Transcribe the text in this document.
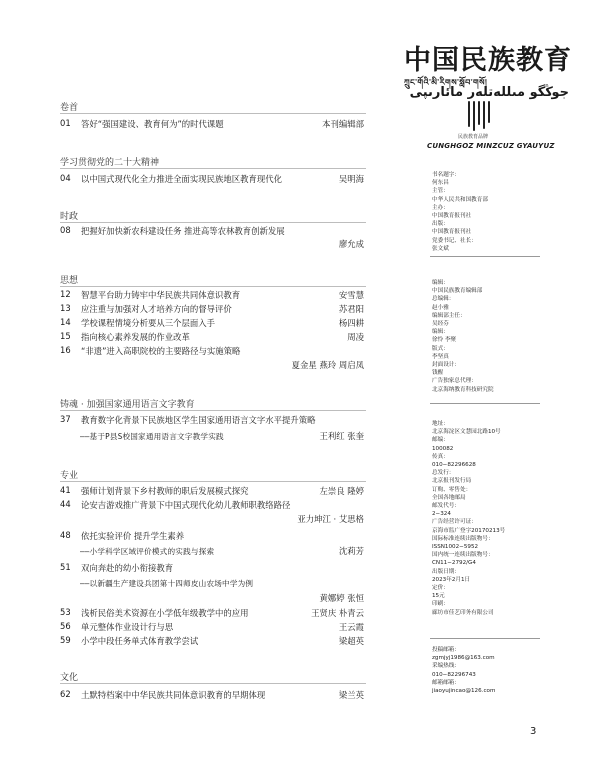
中国民族教育
ཀྲུང་གོའི་མི་རིགས་སློབ་གསོ།
جوڭگو مىللەتلەر مائارىپى
民族教育品牌
CUNGHGOZ MINZCUZ GYAUYUZ
卷首
01	答好“强国建设、教育何为”的时代课题	本刊编辑部
学习贯彻党的二十大精神
04	以中国式现代化全力推进全面实现民族地区教育现代化	吴明海
时政
08	把握好加快新农科建设任务 推进高等农林教育创新发展
廖允成
思想
12	智慧平台助力铸牢中华民族共同体意识教育	安雪慧
13	应注重与加强对人才培养方向的督导评价	苏君阳
14	学校课程情境分析要从三个层面入手	杨四耕
15	指向核心素养发展的作业改革	周凌
16	“非遗”进入高职院校的主要路径与实施策略
夏金星 燕玲 周启凤
铸魂 · 加强国家通用语言文字教育
37	教育数字化背景下民族地区学生国家通用语言文字水平提升策略
——基于P县S校国家通用语言文字教学实践	王利红 张奎
专业
41	强师计划背景下乡村教师的职后发展模式探究	左崇良 隆婷
44	论安吉游戏推广背景下中国式现代化幼儿教师职教络路径
亚力坤江 · 艾思格
48	依托实验评价 提升学生素养
——小学科学区域评价模式的实践与探索	沈莉芳
51	双向奔赴的幼小衔接教育
——以新疆生产建设兵团第十四师皮山农场中学为例
黄娜婷 张恒
53	浅析民俗美术资源在小学低年级教学中的应用	王贤庆 朴青云
56	单元整体作业设计行与思	王云霞
59	小学中段任务单式体育教学尝试	梁超英
文化
62	土默特档案中中华民族共同体意识教育的早期体现	梁兰英
书名题字：
何东昌
主管：
中华人民共和国教育部
主办：
中国教育报刊社
出版：
中国教育报刊社
党委书记、社长：
张文斌
编辑：
中国民族教育编辑部
总编辑：
赵小雅
编辑部主任：
吴经芬
编辑：
徐怜 李聚
版式：
李坚真
封面设计：
钱醒
广告独家总代理：
北京海纳教育科技研究院
地址：
北京海淀区文慧园北路10号
邮编：
100082
传真：
010−82296628
总发行：
北京报刊发行局
订购、零售处：
全国各地邮局
邮发代号：
2−324
广告经营许可证：
京海市监广登字20170213号
国际标准连续出版物号：
ISSN1002−5952
国内统一连续出版物号：
CN11−2792/G4
出版日期：
2023年2月1日
定价：
15元
印刷：
廊坊市佳艺印务有限公司
投稿邮箱：
zgmjyj1986@163.com
采编热线：
010−82296743
邮箱邮箱：
jiaoyujincao@126.com
3
